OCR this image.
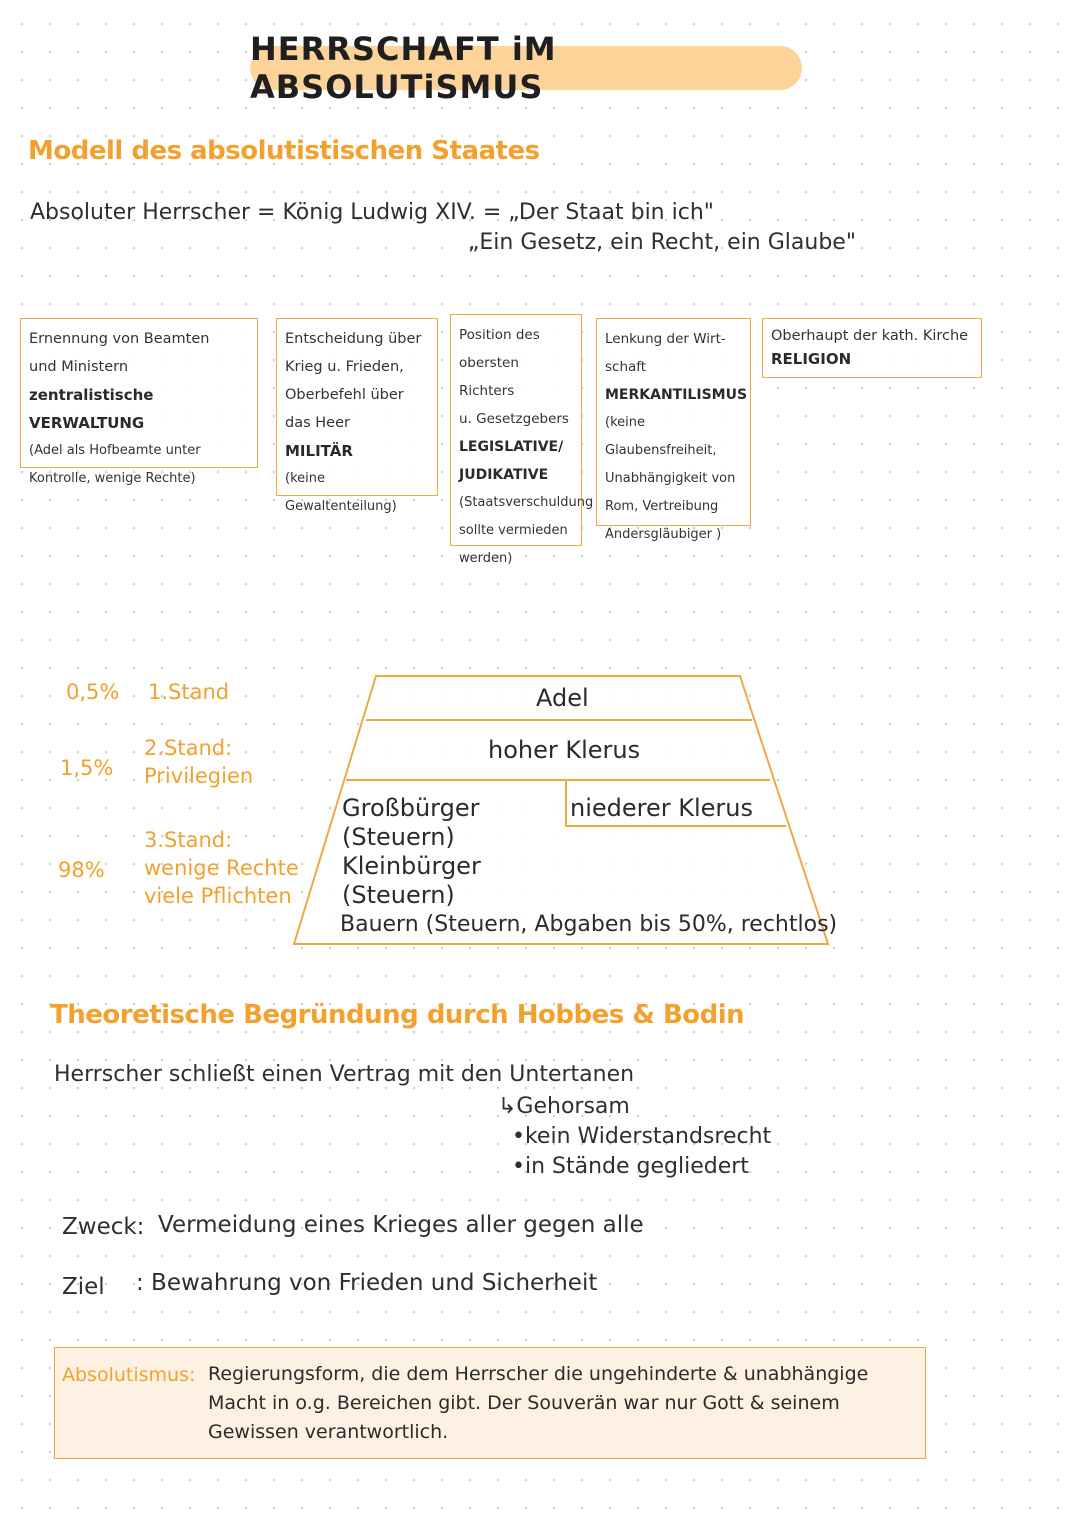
HERRSCHAFT iM ABSOLUTiSMUS
Modell des absolutistischen Staates
Absoluter Herrscher = König Ludwig XIV. = „Der Staat bin ich"
„Ein Gesetz, ein Recht, ein Glaube"
Ernennung von Beamten
und Ministern
zentralistische VERWALTUNG
(Adel als Hofbeamte unter
Kontrolle, wenige Rechte)
Entscheidung über
Krieg u. Frieden,
Oberbefehl über
das Heer
MILITÄR
(keine Gewaltenteilung)
Position des
obersten Richters
u. Gesetzgebers
LEGISLATIVE/ JUDIKATIVE
(Staatsverschuldung
sollte vermieden
werden)
Lenkung der Wirt-
schaft
MERKANTILISMUS
(keine Glaubensfreiheit,
Unabhängigkeit von
Rom, Vertreibung
Andersgläubiger )
Oberhaupt der kath. Kirche
RELIGION
0,5% 1.Stand
1,5%
2.Stand:
Privilegien
98%
3.Stand:
wenige Rechte
viele Pflichten
Adel
hoher Klerus
niederer Klerus
Großbürger
(Steuern)
Kleinbürger
(Steuern)
Bauern (Steuern, Abgaben bis 50%, rechtlos)
Theoretische Begründung durch Hobbes & Bodin
Herrscher schließt einen Vertrag mit den Untertanen
↳Gehorsam
•kein Widerstandsrecht
•in Stände gegliedert
Zweck: Vermeidung eines Krieges aller gegen alle
Ziel : Bewahrung von Frieden und Sicherheit
Absolutismus: Regierungsform, die dem Herrscher die ungehinderte & unabhängige
Macht in o.g. Bereichen gibt. Der Souverän war nur Gott & seinem
Gewissen verantwortlich.
